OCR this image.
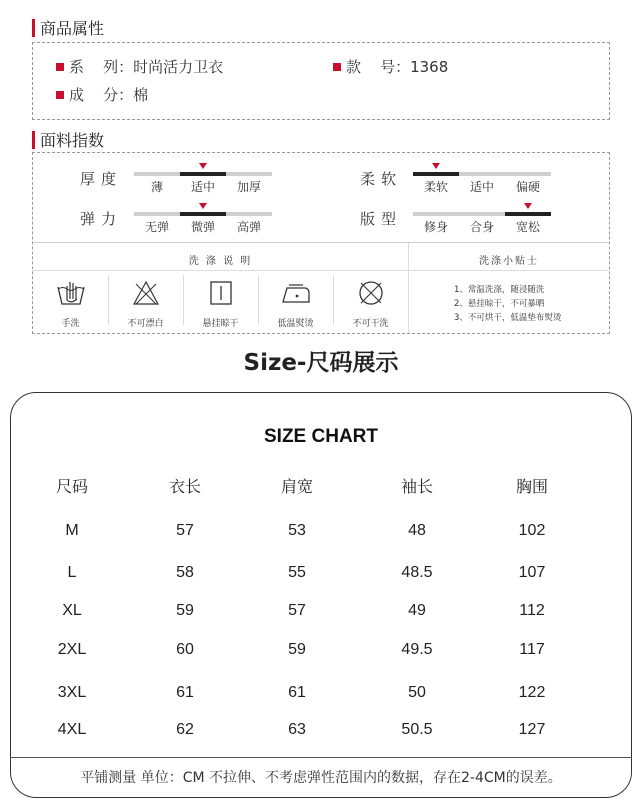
商品属性
系    列 ： 时尚活力卫衣	款    号 ： 1368
成    分 ： 棉
面料指数
厚度	薄	适中	加厚	柔软	柔软	适中	偏硬
弹力	无弹	微弹	高弹	版型	修身	合身	宽松
洗 涤 说 明	洗涤小贴士
手洗	不可漂白	悬挂晾干	低温熨烫	不可干洗
1、常温洗涤，随浸随洗
2、悬挂晾干，不可暴晒
3、不可烘干，低温垫布熨烫
Size-尺码展示
SIZE CHART
尺码	衣长	肩宽	袖长	胸围
M	57	53	48	102
L	58	55	48.5	107
XL	59	57	49	112
2XL	60	59	49.5	117
3XL	61	61	50	122
4XL	62	63	50.5	127
平铺测量 单位：CM 不拉伸、不考虑弹性范围内的数据，存在2-4CM的误差。
